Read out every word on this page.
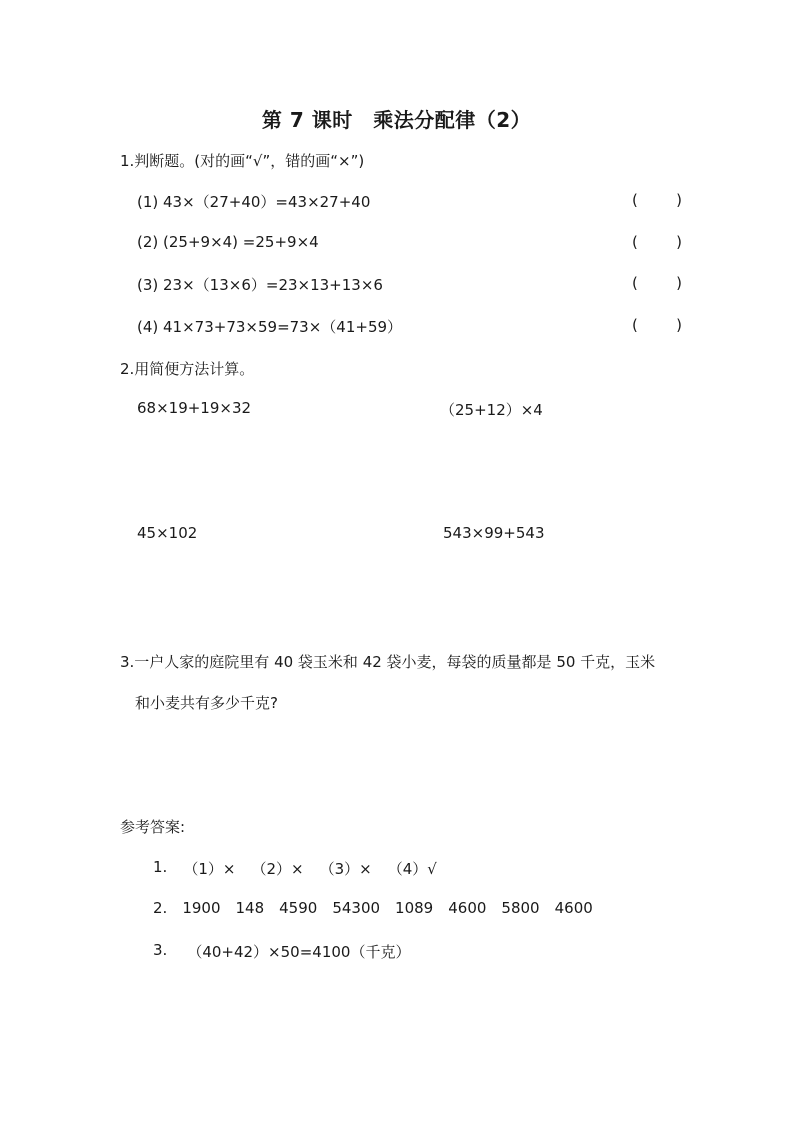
第 7 课时　乘法分配律（2）
1.判断题。(对的画“√”，错的画“×”)
(1) 43×（27+40）=43×27+40	(	)
(2) (25+9×4) =25+9×4	(	)
(3) 23×（13×6）=23×13+13×6	(	)
(4) 41×73+73×59=73×（41+59）	(	)
2.用简便方法计算。
68×19+19×32	（25+12）×4
45×102	543×99+543
3.一户人家的庭院里有 40 袋玉米和 42 袋小麦，每袋的质量都是 50 千克，玉米
和小麦共有多少千克?
参考答案:
1. （1）× （2）× （3）× （4）√
2. 1900 148 4590 54300 1089 4600 5800 4600
3. （40+42）×50=4100（千克）
